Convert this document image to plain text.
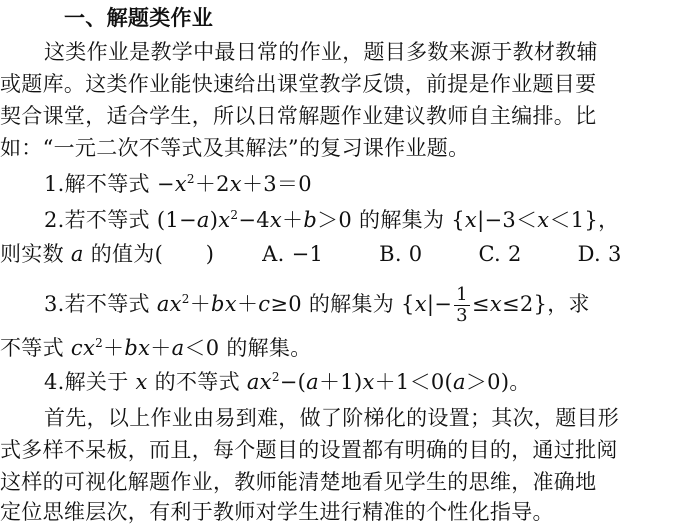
一、解题类作业
这类作业是教学中最日常的作业，题目多数来源于教材教辅
或题库。这类作业能快速给出课堂教学反馈，前提是作业题目要
契合课堂，适合学生，所以日常解题作业建议教师自主编排。比
如：“一元二次不等式及其解法”的复习课作业题。
1.解不等式 $-x^2+2x+3=0$
2.若不等式 $(1-a)x^2-4x+b>0$ 的解集为 {x|−3＜x＜1}，
则实数 a 的值为(　　) A. −1	B. 0	C. 2	D. 3
3.若不等式 $ax^2+bx+c\ge 0$ 的解集为 $\{x|- \frac{1}{3} \le x\le 2\}$，求
不等式 $cx^2+bx+a<0$ 的解集。
4.解关于 x 的不等式 $ax^2-(a+1)x+1<0(a>0)$。
首先，以上作业由易到难，做了阶梯化的设置；其次，题目形
式多样不呆板，而且，每个题目的设置都有明确的目的，通过批阅
这样的可视化解题作业，教师能清楚地看见学生的思维，准确地
定位思维层次，有利于教师对学生进行精准的个性化指导。
